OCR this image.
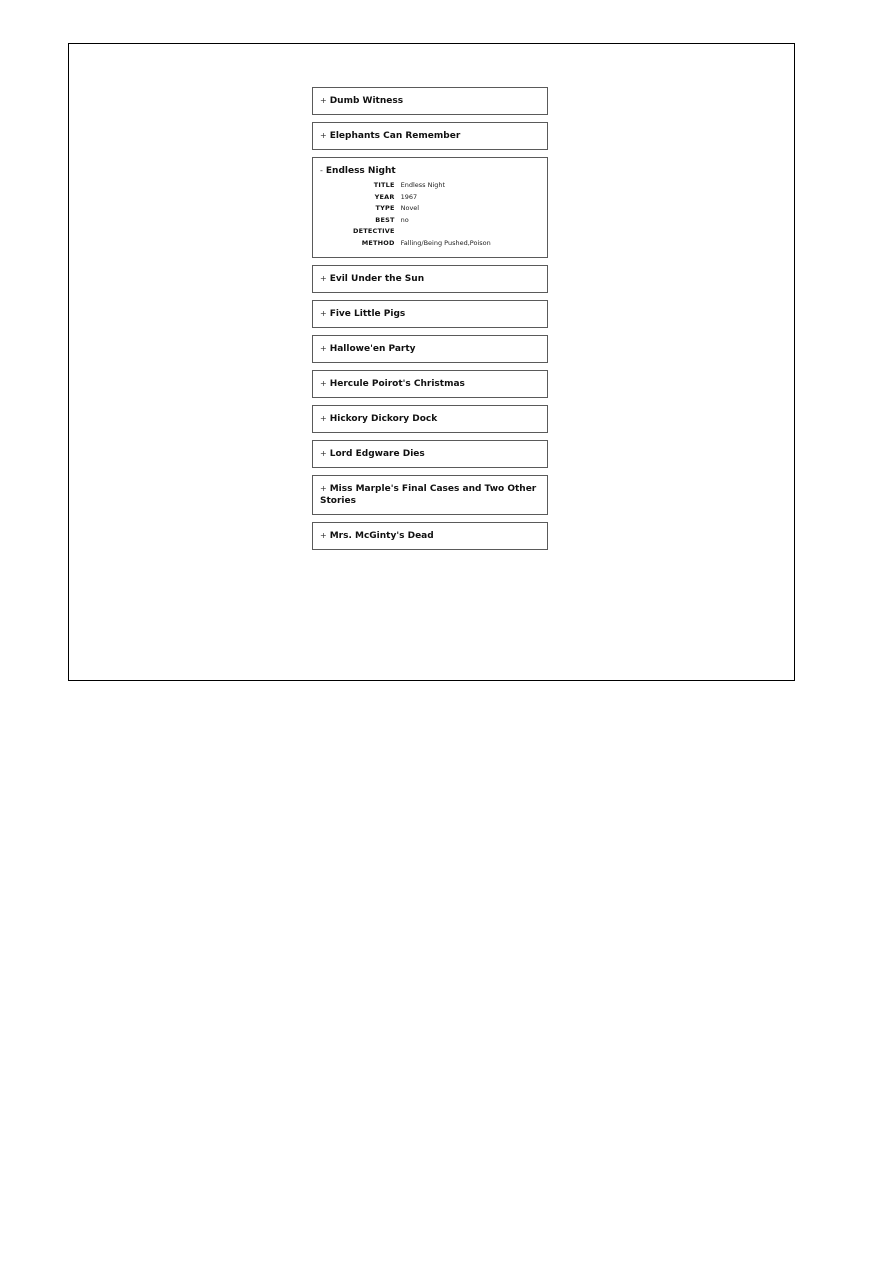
+ Dumb Witness
+ Elephants Can Remember
- Endless Night
TITLE	Endless Night
YEAR	1967
TYPE	Novel
BEST	no
DETECTIVE	
METHOD	Falling/Being Pushed,Poison
+ Evil Under the Sun
+ Five Little Pigs
+ Hallowe'en Party
+ Hercule Poirot's Christmas
+ Hickory Dickory Dock
+ Lord Edgware Dies
+ Miss Marple's Final Cases and Two Other Stories
+ Mrs. McGinty's Dead
